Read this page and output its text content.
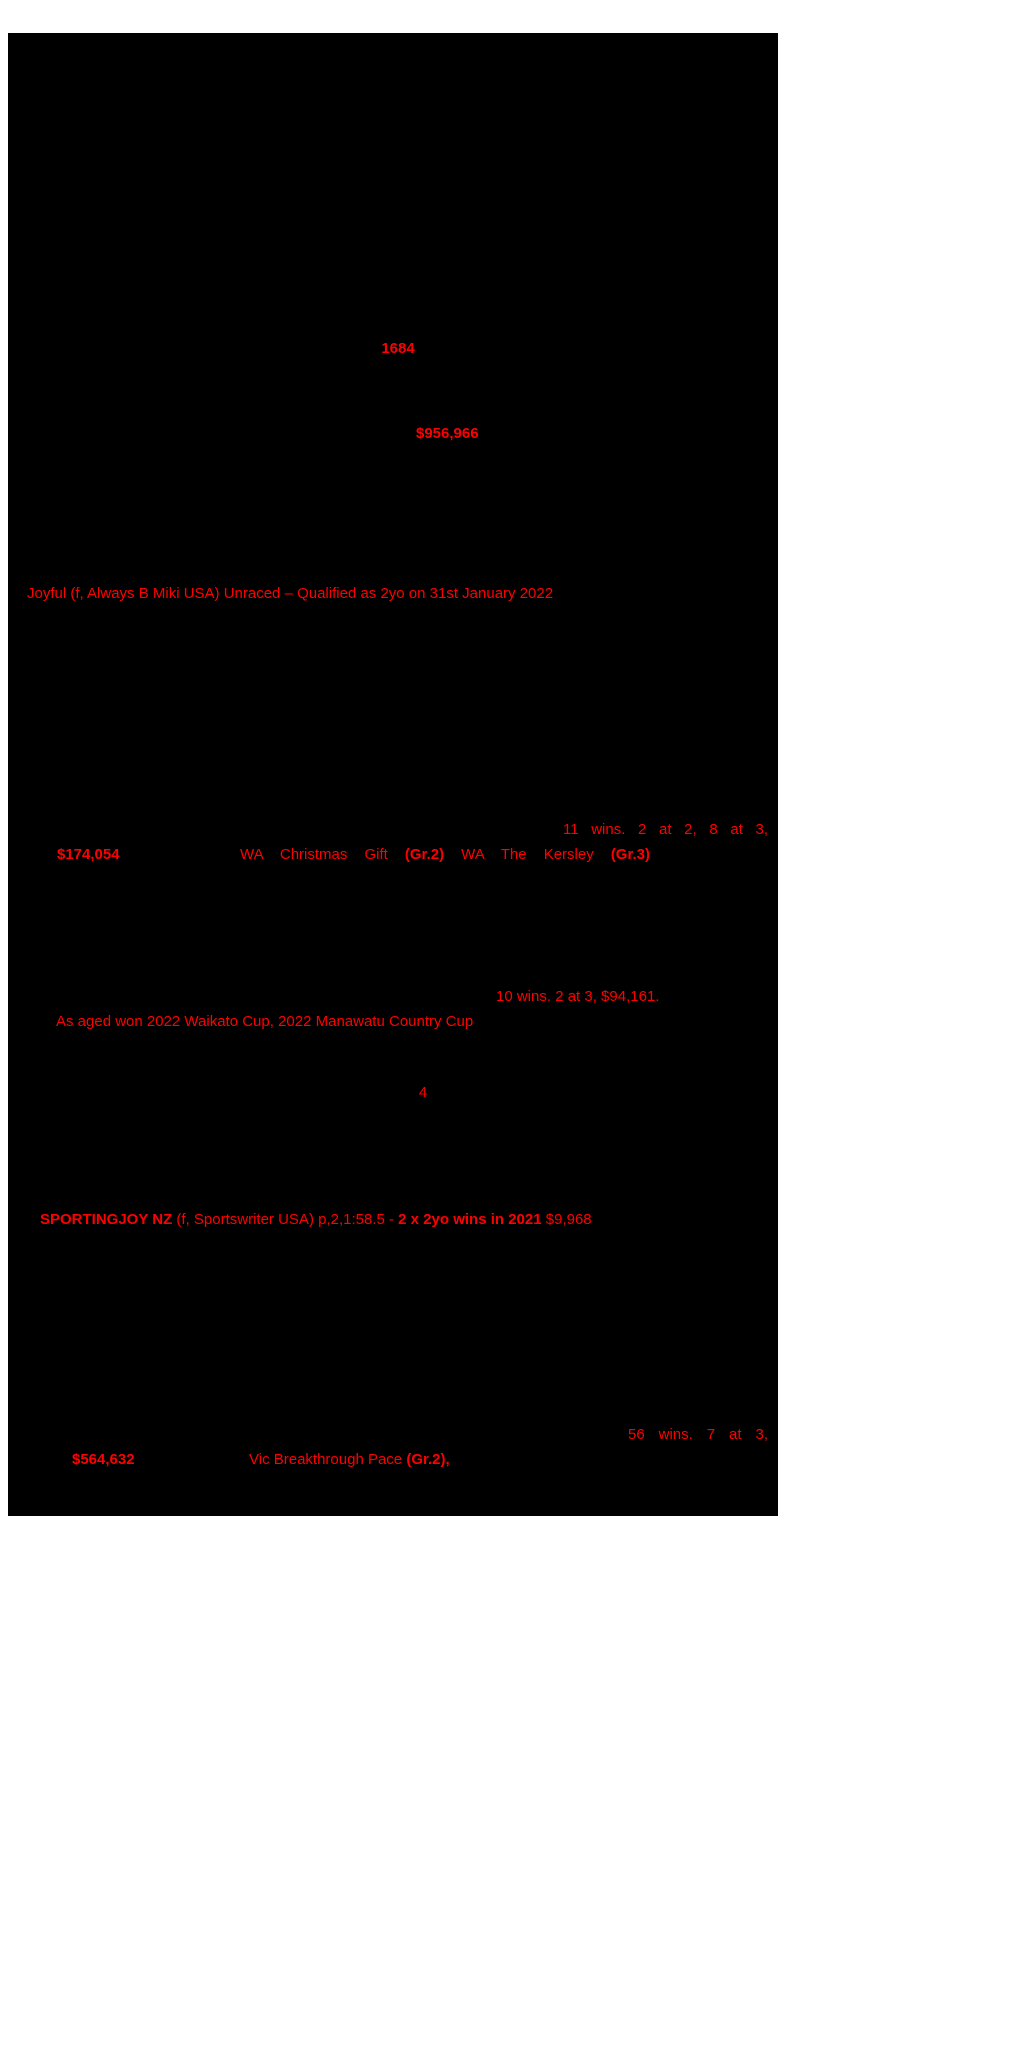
1684
$956,966
Joyful (f, Always B Miki USA) Unraced – Qualified as 2yo on 31st January 2022
11 wins. 2 at 2, 8 at 3,
$174,054	WA Christmas Gift (Gr.2) WA The Kersley (Gr.3)
10 wins. 2 at 3, $94,161.
As aged won 2022 Waikato Cup, 2022 Manawatu Country Cup
4
SPORTINGJOY NZ (f, Sportswriter USA) p,2,1:58.5 - 2 x 2yo wins in 2021 $9,968
56 wins. 7 at 3,
$564,632	Vic Breakthrough Pace (Gr.2),
